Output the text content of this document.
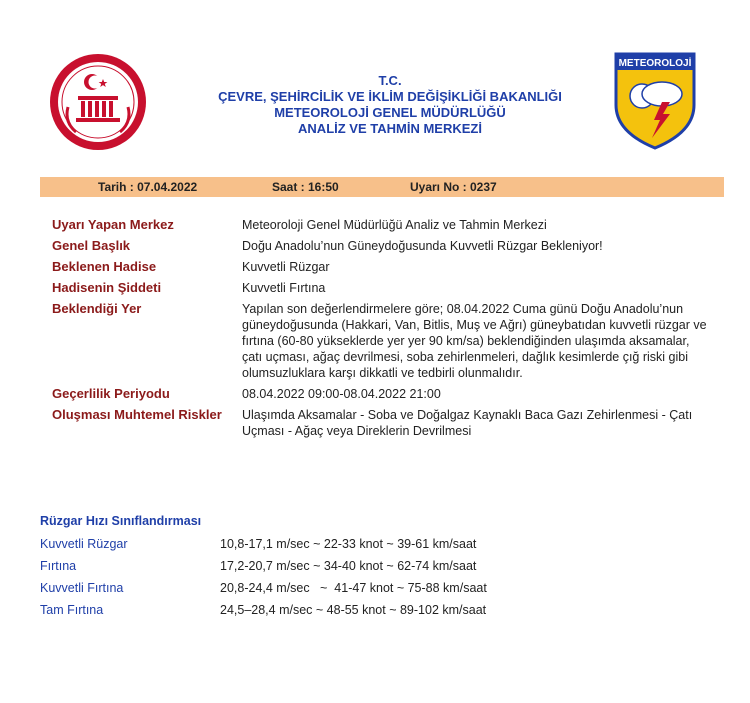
T.C.
ÇEVRE, ŞEHİRCİLİK VE İKLİM DEĞİŞİKLİĞİ BAKANLIĞI
METEOROLOJİ GENEL MÜDÜRLÜĞÜ
ANALİZ VE TAHMİN MERKEZİ
METEOROLOJİ
Tarih : 07.04.2022	Saat : 16:50	Uyarı No : 0237
Uyarı Yapan Merkez	Meteoroloji Genel Müdürlüğü Analiz ve Tahmin Merkezi
Genel Başlık	Doğu Anadolu’nun Güneydoğusunda Kuvvetli Rüzgar Bekleniyor!
Beklenen Hadise	Kuvvetli Rüzgar
Hadisenin Şiddeti	Kuvvetli Fırtına
Beklendiği Yer	Yapılan son değerlendirmelere göre; 08.04.2022 Cuma günü Doğu Anadolu’nun güneydoğusunda (Hakkari, Van, Bitlis, Muş ve Ağrı) güneybatıdan kuvvetli rüzgar ve fırtına (60-80 yükseklerde yer yer 90 km/sa) beklendiğinden ulaşımda aksamalar, çatı uçması, ağaç devrilmesi, soba zehirlenmeleri, dağlık kesimlerde çığ riski gibi olumsuzluklara karşı dikkatli ve tedbirli olunmalıdır.
Geçerlilik Periyodu	08.04.2022 09:00-08.04.2022 21:00
Oluşması Muhtemel Riskler	Ulaşımda Aksamalar - Soba ve Doğalgaz Kaynaklı Baca Gazı Zehirlenmesi - Çatı Uçması - Ağaç veya Direklerin Devrilmesi
Rüzgar Hızı Sınıflandırması
Kuvvetli Rüzgar	10,8-17,1 m/sec ~ 22-33 knot ~ 39-61 km/saat
Fırtına	17,2-20,7 m/sec ~ 34-40 knot ~ 62-74 km/saat
Kuvvetli Fırtına	20,8-24,4 m/sec   ~  41-47 knot ~ 75-88 km/saat
Tam Fırtına	24,5–28,4 m/sec ~ 48-55 knot ~ 89-102 km/saat
